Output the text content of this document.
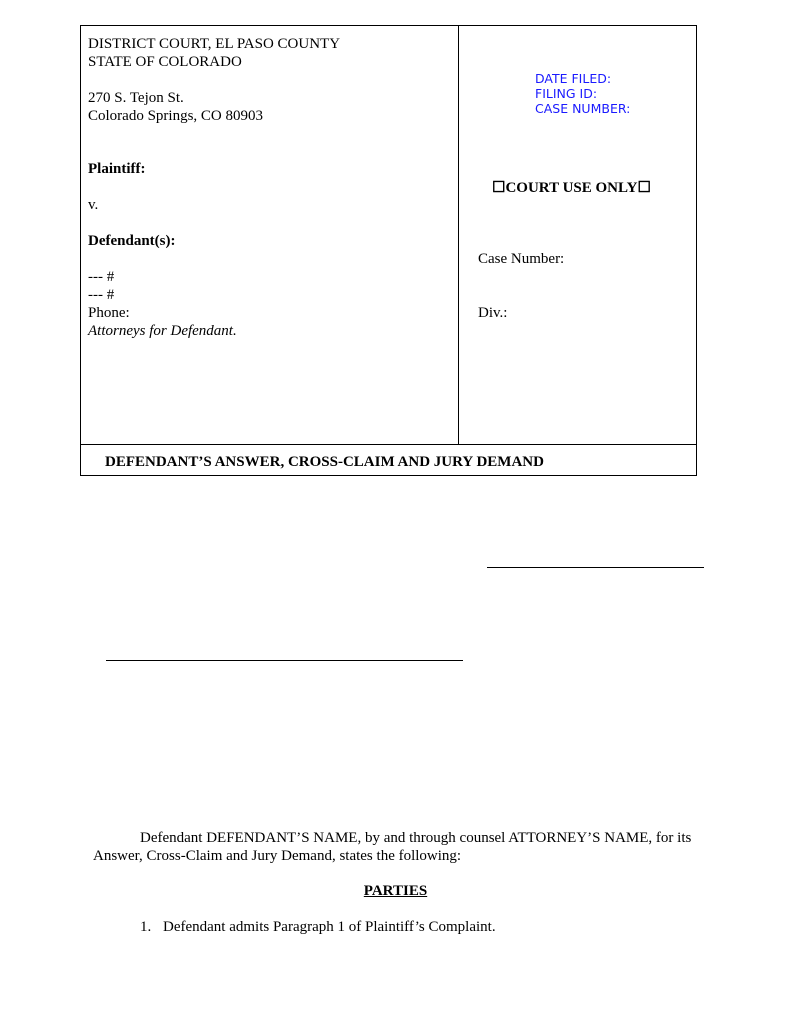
DISTRICT COURT, EL PASO COUNTY
STATE OF COLORADO
270 S. Tejon St.
Colorado Springs, CO 80903
Plaintiff:
v.
Defendant(s):
--- #
--- #
Phone:
Attorneys for Defendant.
DATE FILED:
FILING ID:
CASE NUMBER:
☐COURT USE ONLY☐
Case Number:
Div.:
DEFENDANT’S ANSWER, CROSS-CLAIM AND JURY DEMAND
Defendant DEFENDANT’S NAME, by and through counsel ATTORNEY’S NAME, for its Answer, Cross-Claim and Jury Demand, states the following:
PARTIES
1. Defendant admits Paragraph 1 of Plaintiff’s Complaint.
